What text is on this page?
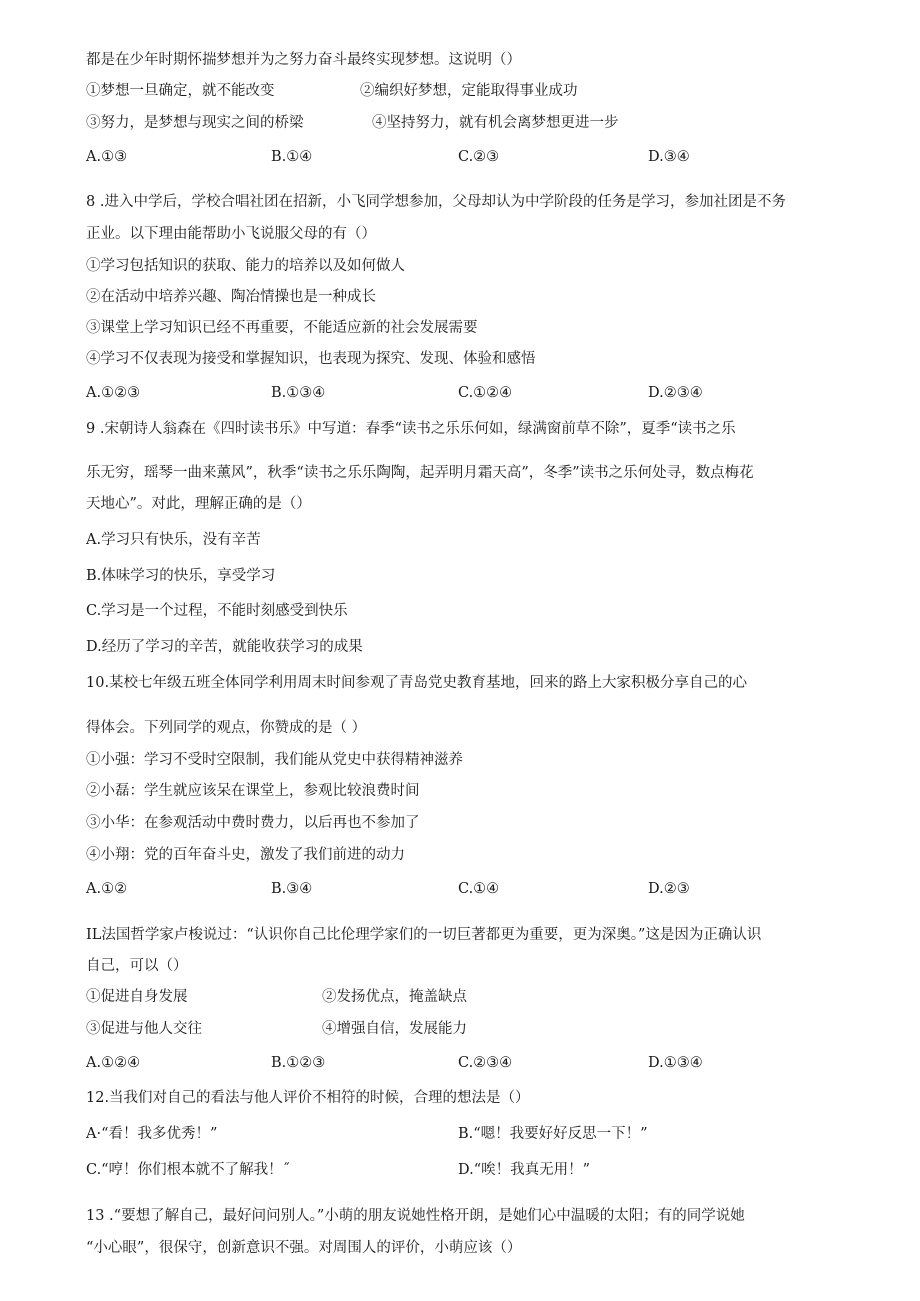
都是在少年时期怀揣梦想并为之努力奋斗最终实现梦想。这说明（）
①梦想一旦确定，就不能改变	②编织好梦想，定能取得事业成功
③努力，是梦想与现实之间的桥梁	④坚持努力，就有机会离梦想更进一步
A.①③	B.①④	C.②③	D.③④
8 .进入中学后，学校合唱社团在招新，小飞同学想参加，父母却认为中学阶段的任务是学习，参加社团是不务
正业。以下理由能帮助小飞说服父母的有（）
①学习包括知识的获取、能力的培养以及如何做人
②在活动中培养兴趣、陶冶情操也是一种成长
③课堂上学习知识已经不再重要，不能适应新的社会发展需要
④学习不仅表现为接受和掌握知识，也表现为探究、发现、体验和感悟
A.①②③	B.①③④	C.①②④	D.②③④
9 .宋朝诗人翁森在《四时读书乐》中写道：春季“读书之乐乐何如，绿满窗前草不除”，夏季“读书之乐
乐无穷，瑶琴一曲来薰风”，秋季“读书之乐乐陶陶，起弄明月霜天高”，冬季”读书之乐何处寻，数点梅花
天地心”。对此，理解正确的是（）
A.学习只有快乐，没有辛苦
B.体味学习的快乐，享受学习
C.学习是一个过程，不能时刻感受到快乐
D.经历了学习的辛苦，就能收获学习的成果
10.某校七年级五班全体同学利用周末时间参观了青岛党史教育基地，回来的路上大家积极分享自己的心
得体会。下列同学的观点，你赞成的是（ ）
①小强：学习不受时空限制，我们能从党史中获得精神滋养
②小磊：学生就应该呆在课堂上，参观比较浪费时间
③小华：在参观活动中费时费力，以后再也不参加了
④小翔：党的百年奋斗史，激发了我们前进的动力
A.①②	B.③④	C.①④	D.②③
IL法国哲学家卢梭说过：“认识你自己比伦理学家们的一切巨著都更为重要，更为深奥。”这是因为正确认识
自己，可以（）
①促进自身发展	②发扬优点，掩盖缺点
③促进与他人交往	④增强自信，发展能力
A.①②④	B.①②③	C.②③④	D.①③④
12.当我们对自己的看法与他人评价不相符的时候，合理的想法是（）
A·“看！我多优秀！”	B.“嗯！我要好好反思一下！”
C.“哼！你们根本就不了解我！˝	D.“唉！我真无用！”
13 .“要想了解自己，最好问问别人。”小萌的朋友说她性格开朗，是她们心中温暖的太阳；有的同学说她
“小心眼”，很保守，创新意识不强。对周围人的评价，小萌应该（）
